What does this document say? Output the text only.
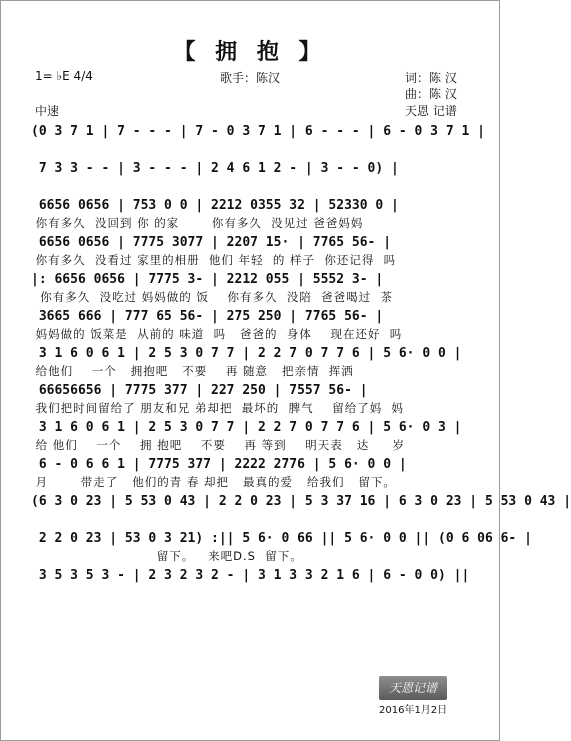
【 拥 抱 】
1= ♭E 4/4	歌手：陈汉	词：陈 汉
曲：陈 汉
中速	天恩 记谱
(0 3 7 1 | 7 - - - | 7 - 0 3 7 1 | 6 - - - | 6 - 0 3 7 1 |
7 3 3 - - | 3 - - - | 2 4 6 1 2 - | 3 - - 0) |
6656 0656 | 753 0 0 | 2212 0355 32 | 52330 0 |
你有多久  没回到 你 的家       你有多久  没见过 爸爸妈妈
6656 0656 | 7775 3077 | 2207 15· | 7765 56- |
你有多久  没看过 家里的相册  他们 年轻  的 样子  你还记得  吗
|: 6656 0656 | 7775 3- | 2212 055 | 5552 3- |
你有多久  没吃过 妈妈做的 饭    你有多久  没陪  爸爸喝过  茶
3665 666 | 777 65 56- | 275 250 | 7765 56- |
妈妈做的 饭菜是  从前的 味道  吗   爸爸的  身体    现在还好  吗
3 1 6 0 6 1 | 2 5 3 0 7 7 | 2 2 7 0 7 7 6 | 5 6· 0 0 |
给他们    一个   拥抱吧   不要    再 随意   把亲情  挥洒
66656656 | 7775 377 | 227 250 | 7557 56- |
我们把时间留给了 朋友和兄 弟却把  最坏的  脾气    留给了妈  妈
3 1 6 0 6 1 | 2 5 3 0 7 7 | 2 2 7 0 7 7 6 | 5 6· 0 3 |
给 他们    一个    拥 抱吧    不要    再 等到    明天表   达     岁
6 - 0 6 6 1 | 7775 377 | 2222 2776 | 5 6· 0 0 |
月       带走了   他们的青 春 却把   最真的爱   给我们   留下。
(6 3 0 23 | 5 53 0 43 | 2 2 0 23 | 5 3 37 16 | 6 3 0 23 | 5 53 0 43 |
2 2 0 23 | 53 0 3 21) :|| 5 6· 0 66 || 5 6· 0 0 || (0 6 06 6- |
留下。   来吧D.S  留下。
3 5 3 5 3 - | 2 3 2 3 2 - | 3 1 3 3 2 1 6 | 6 - 0 0) ||
天恩记谱
2016年1月2日
